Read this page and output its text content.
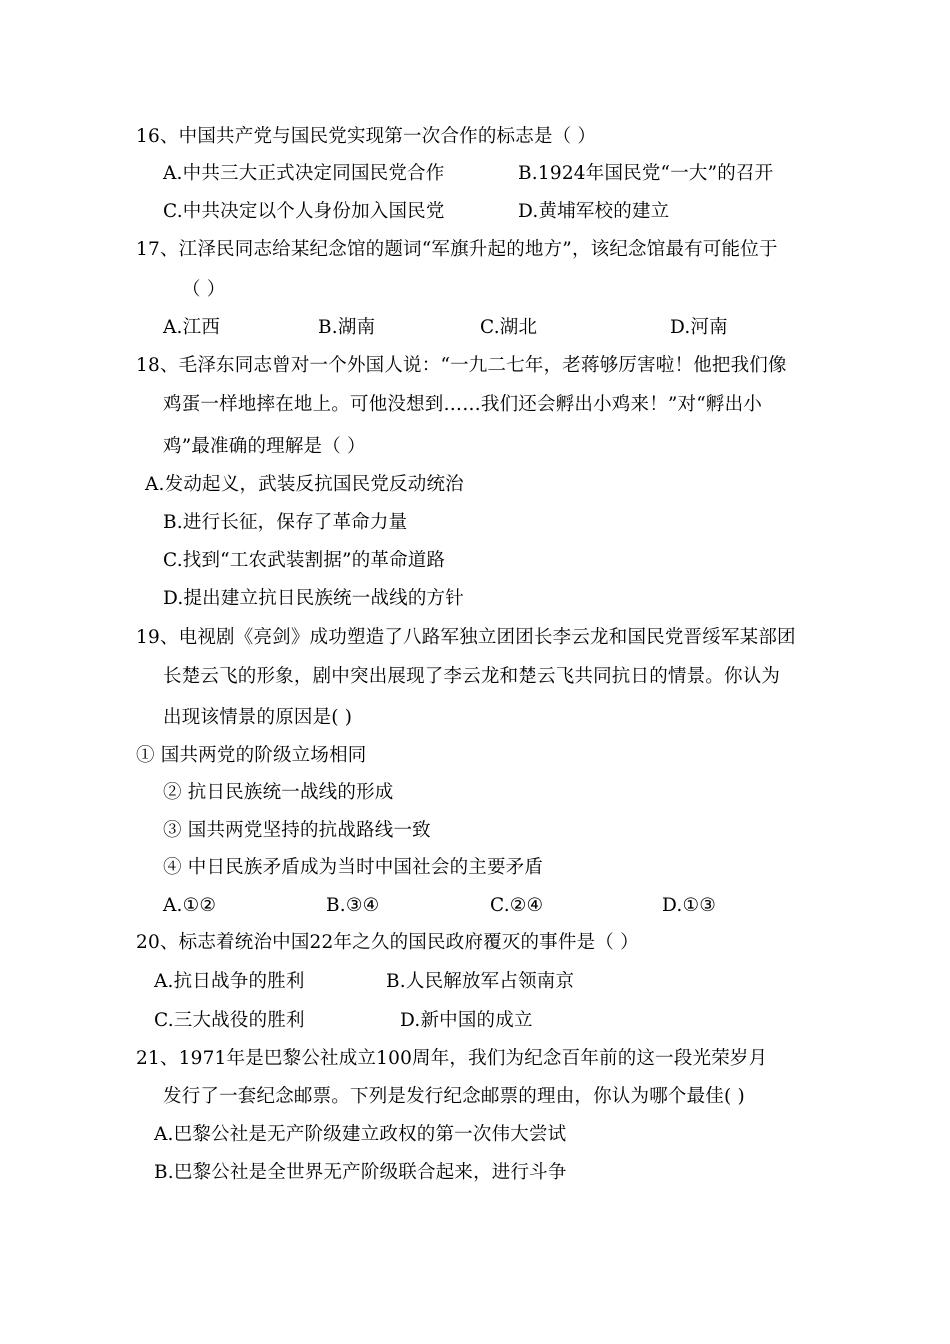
16、中国共产党与国民党实现第一次合作的标志是（ ）
A.中共三大正式决定同国民党合作	B.1924年国民党“一大”的召开
C.中共决定以个人身份加入国民党	D.黄埔军校的建立
17、江泽民同志给某纪念馆的题词“军旗升起的地方”，该纪念馆最有可能位于
（ ）
A.江西	B.湖南	C.湖北	D.河南
18、毛泽东同志曾对一个外国人说：“一九二七年，老蒋够厉害啦！他把我们像
鸡蛋一样地摔在地上。可他没想到……我们还会孵出小鸡来！”对“孵出小
鸡”最准确的理解是（ ）
A.发动起义，武装反抗国民党反动统治
B.进行长征，保存了革命力量
C.找到“工农武装割据”的革命道路
D.提出建立抗日民族统一战线的方针
19、电视剧《亮剑》成功塑造了八路军独立团团长李云龙和国民党晋绥军某部团
长楚云飞的形象，剧中突出展现了李云龙和楚云飞共同抗日的情景。你认为
出现该情景的原因是( )
① 国共两党的阶级立场相同
② 抗日民族统一战线的形成
③ 国共两党坚持的抗战路线一致
④ 中日民族矛盾成为当时中国社会的主要矛盾
A.①②	B.③④	C.②④	D.①③
20、标志着统治中国22年之久的国民政府覆灭的事件是（ ）
A.抗日战争的胜利	B.人民解放军占领南京
C.三大战役的胜利	D.新中国的成立
21、1971年是巴黎公社成立100周年，我们为纪念百年前的这一段光荣岁月
发行了一套纪念邮票。下列是发行纪念邮票的理由，你认为哪个最佳( )
A.巴黎公社是无产阶级建立政权的第一次伟大尝试
B.巴黎公社是全世界无产阶级联合起来，进行斗争
